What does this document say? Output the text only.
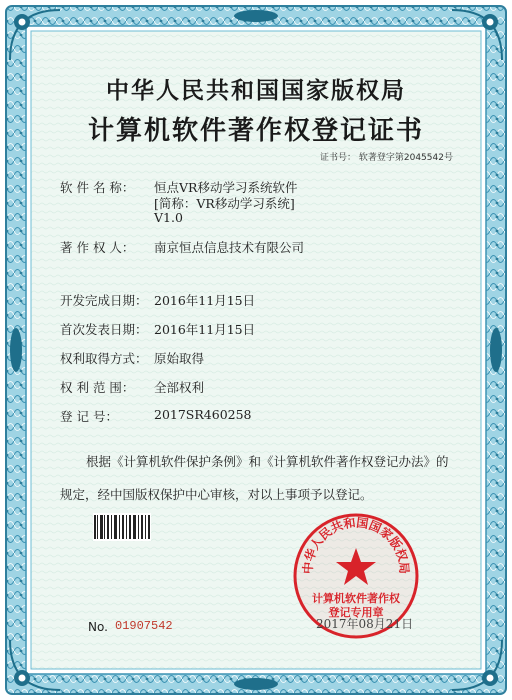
中华人民共和国国家版权局
计算机软件著作权登记证书
证书号： 软著登字第2045542号
软 件 名 称： 恒点VR移动学习系统软件
[简称：VR移动学习系统]
V1.0
著 作 权 人： 南京恒点信息技术有限公司
开发完成日期： 2016年11月15日
首次发表日期： 2016年11月15日
权利取得方式： 原始取得
权 利 范 围： 全部权利
登 记 号：	2017SR460258
根据《计算机软件保护条例》和《计算机软件著作权登记办法》的
规定，经中国版权保护中心审核，对以上事项予以登记。
中华人民共和国国家版权局
计算机软件著作权
登记专用章
No. 01907542	2017年08月21日
